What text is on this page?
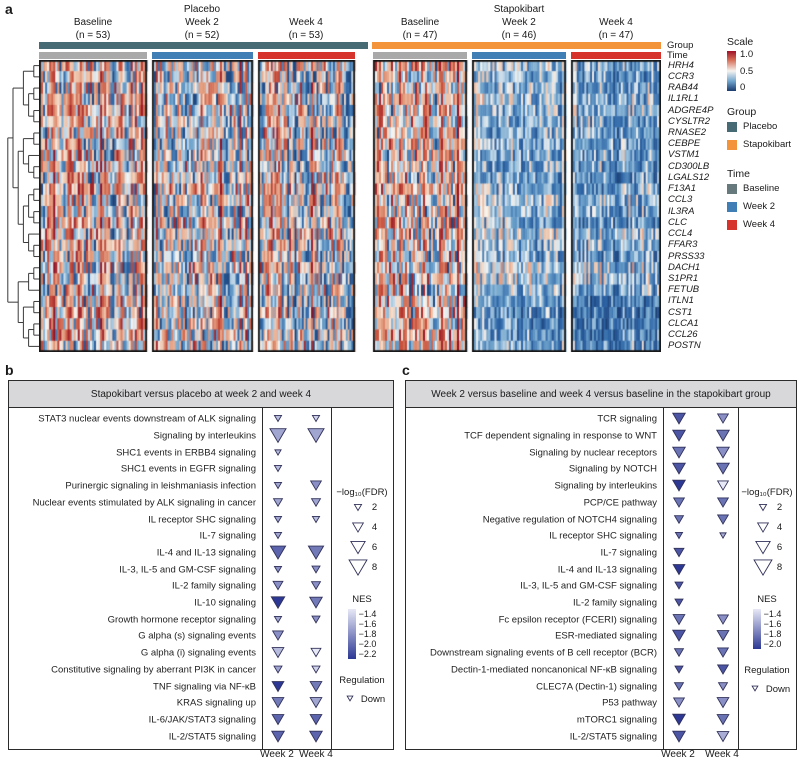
a
Baseline
(n = 53)
Placebo
Week 2
(n = 52)
Week 4
(n = 53)
Baseline
(n = 47)
Stapokibart
Week 2
(n = 46)
Week 4
(n = 47)
Group
Time
HRH4
CCR3
RAB44
IL1RL1
ADGRE4P
CYSLTR2
RNASE2
CEBPE
VSTM1
CD300LB
LGALS12
F13A1
CCL3
IL3RA
CLC
CCL4
FFAR3
PRSS33
DACH1
S1PR1
FETUB
ITLN1
CST1
CLCA1
CCL26
POSTN
Scale
1.0
0.5
0
Group
Placebo
Stapokibart
Time
Baseline
Week 2
Week 4
b
Stapokibart versus placebo at week 2 and week 4
STAT3 nuclear events downstream of ALK signaling
Signaling by interleukins
SHC1 events in ERBB4 signaling
SHC1 events in EGFR signaling
Purinergic signaling in leishmaniasis infection
Nuclear events stimulated by ALK signaling in cancer
IL receptor SHC signaling
IL-7 signaling
IL-4 and IL-13 signaling
IL-3, IL-5 and GM-CSF signaling
IL-2 family signaling
IL-10 signaling
Growth hormone receptor signaling
G alpha (s) signaling events
G alpha (i) signaling events
Constitutive signaling by aberrant PI3K in cancer
TNF signaling via NF-κB
KRAS signaling up
IL-6/JAK/STAT3 signaling
IL-2/STAT5 signaling
−log₁₀(FDR)
2
4
6
8
NES
−1.4
−1.6
−1.8
−2.0
−2.2
Regulation
Down
Week 2 Week 4
c
Week 2 versus baseline and week 4 versus baseline in the stapokibart group
TCR signaling
TCF dependent signaling in response to WNT
Signaling by nuclear receptors
Signaling by NOTCH
Signaling by interleukins
PCP/CE pathway
Negative regulation of NOTCH4 signaling
IL receptor SHC signaling
IL-7 signaling
IL-4 and IL-13 signaling
IL-3, IL-5 and GM-CSF signaling
IL-2 family signaling
Fc epsilon receptor (FCERI) signaling
ESR-mediated signaling
Downstream signaling events of B cell receptor (BCR)
Dectin-1-mediated noncanonical NF-κB signaling
CLEC7A (Dectin-1) signaling
P53 pathway
mTORC1 signaling
IL-2/STAT5 signaling
−log₁₀(FDR)
2
4
6
8
NES
−1.4
−1.6
−1.8
−2.0
Regulation
Down
Week 2 Week 4
